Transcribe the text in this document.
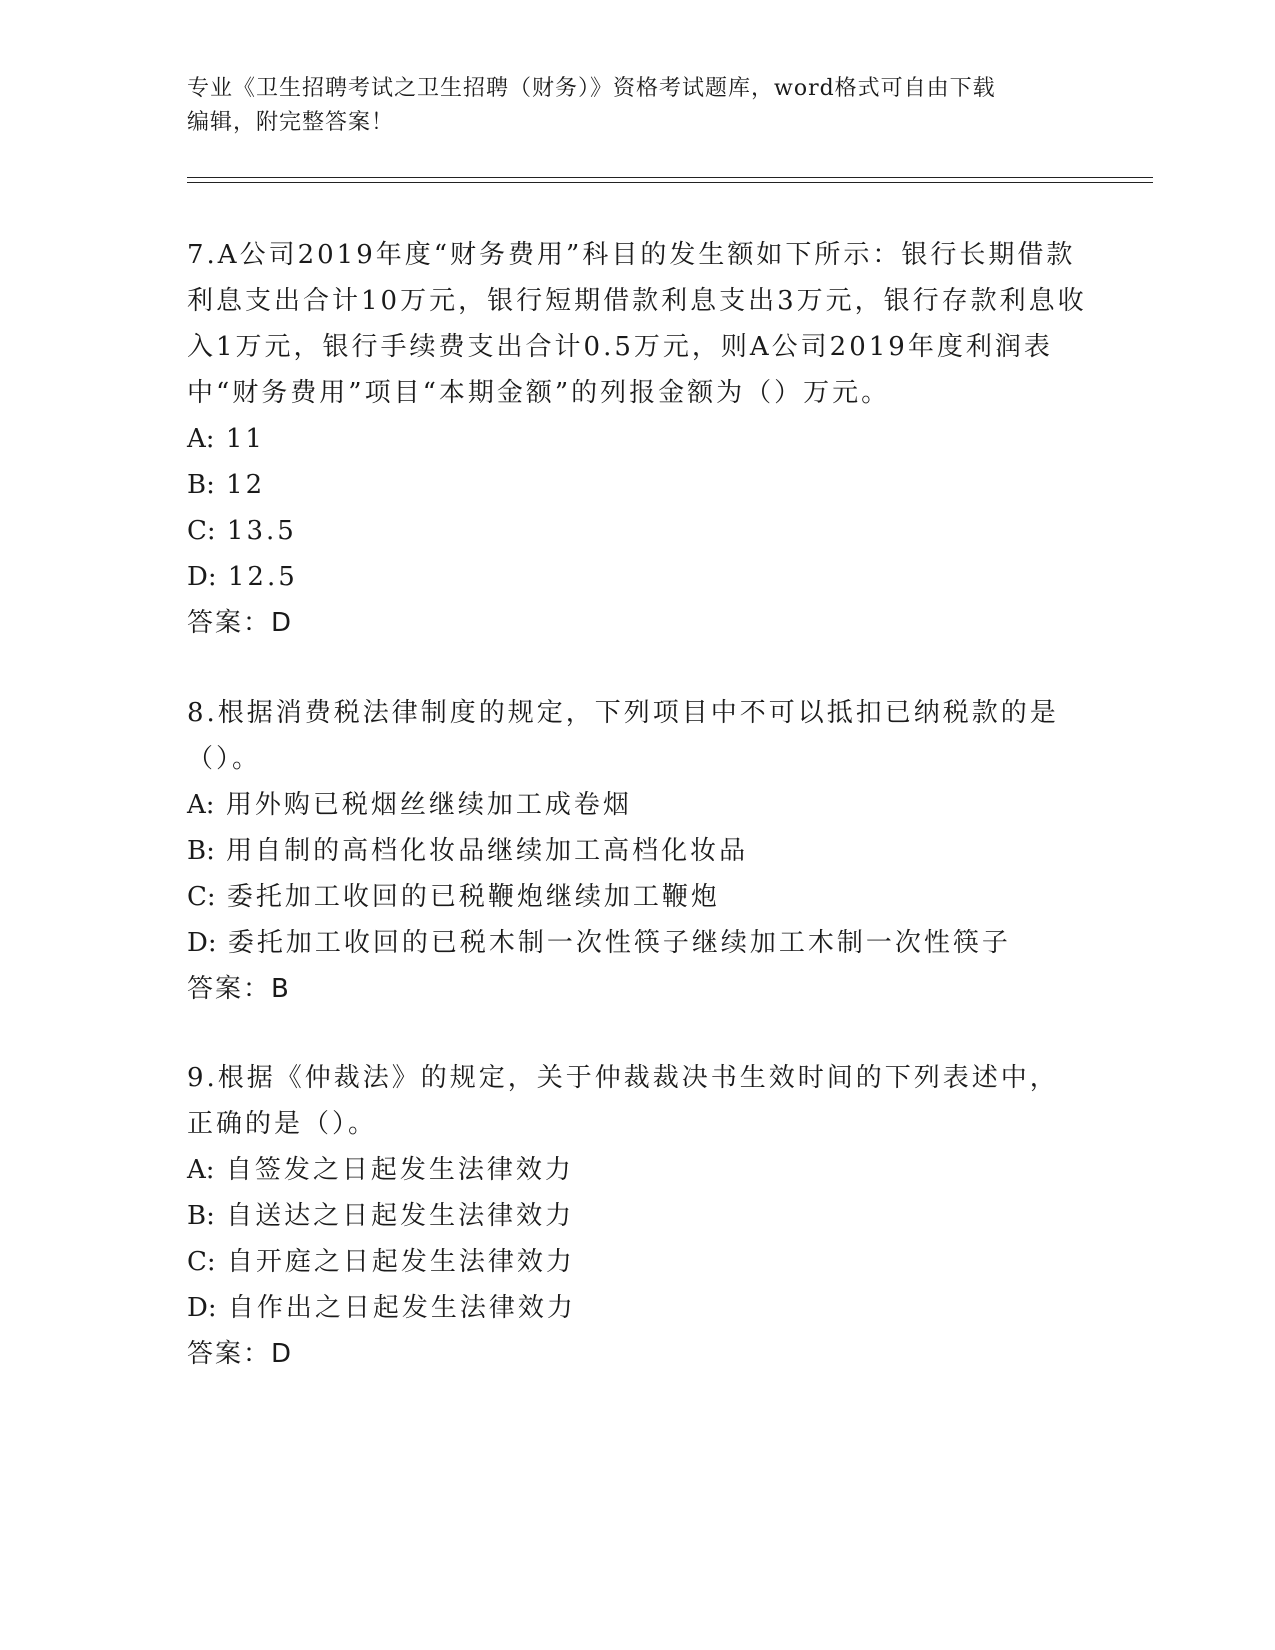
专业《卫生招聘考试之卫生招聘（财务）》资格考试题库，word格式可自由下载
编辑，附完整答案！

7.A公司2019年度“财务费用”科目的发生额如下所示：银行长期借款利息支出合计10万元，银行短期借款利息支出3万元，银行存款利息收入1万元，银行手续费支出合计0.5万元，则A公司2019年度利润表中“财务费用”项目“本期金额”的列报金额为（）万元。

A: 11
B: 12
C: 13.5
D: 12.5
答案：D

8.根据消费税法律制度的规定，下列项目中不可以抵扣已纳税款的是（）。

A: 用外购已税烟丝继续加工成卷烟
B: 用自制的高档化妆品继续加工高档化妆品
C: 委托加工收回的已税鞭炮继续加工鞭炮
D: 委托加工收回的已税木制一次性筷子继续加工木制一次性筷子
答案：B

9.根据《仲裁法》的规定，关于仲裁裁决书生效时间的下列表述中，正确的是（）。

A: 自签发之日起发生法律效力
B: 自送达之日起发生法律效力
C: 自开庭之日起发生法律效力
D: 自作出之日起发生法律效力
答案：D
